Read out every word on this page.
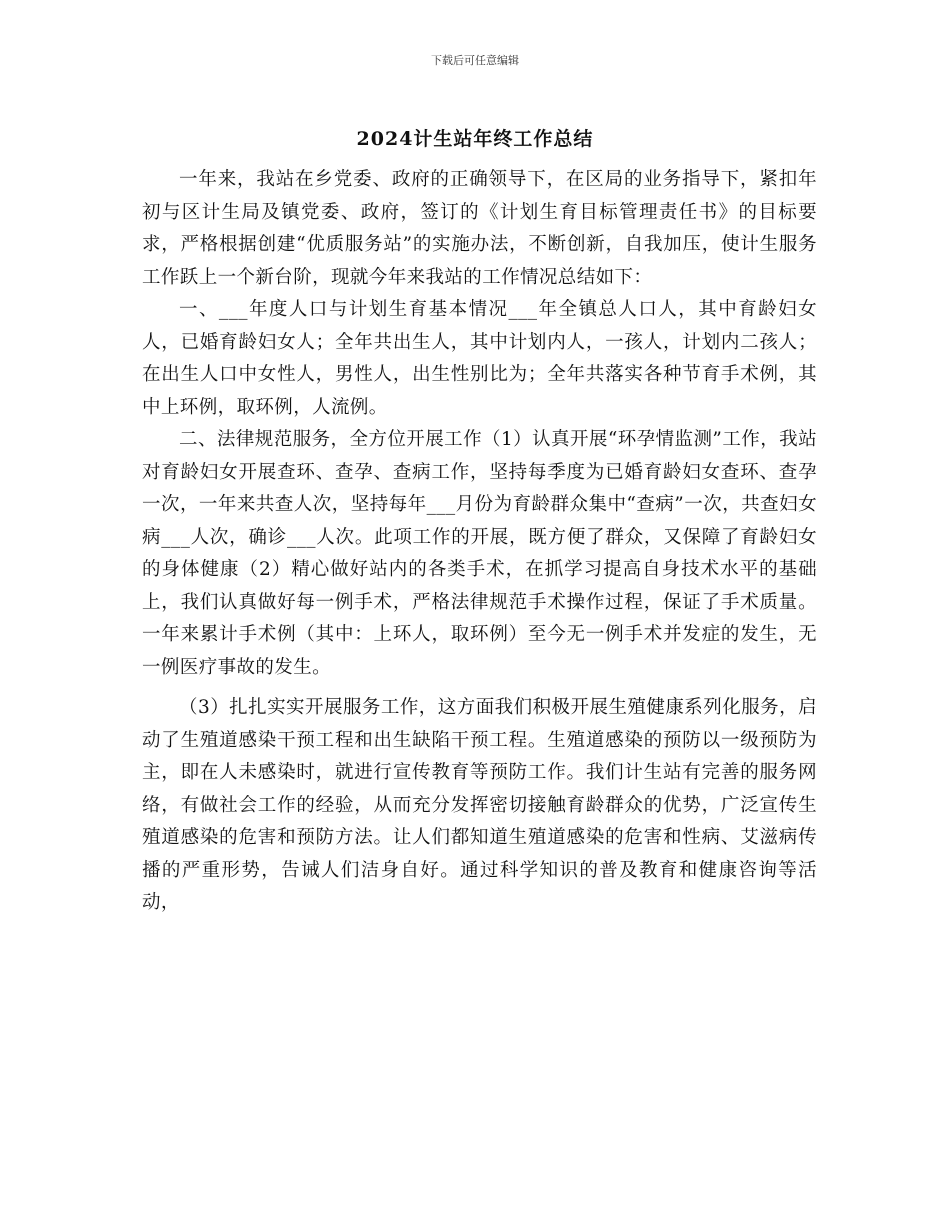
下载后可任意编辑
2024计生站年终工作总结

一年来，我站在乡党委、政府的正确领导下，在区局的业务指导下，紧扣年初与区计生局及镇党委、政府，签订的《计划生育目标管理责任书》的目标要求，严格根据创建“优质服务站”的实施办法，不断创新，自我加压，使计生服务工作跃上一个新台阶，现就今年来我站的工作情况总结如下：

一、___年度人口与计划生育基本情况___年全镇总人口人，其中育龄妇女人，已婚育龄妇女人；全年共出生人，其中计划内人，一孩人，计划内二孩人；在出生人口中女性人，男性人，出生性别比为；全年共落实各种节育手术例，其中上环例，取环例，人流例。

二、法律规范服务，全方位开展工作（1）认真开展“环孕情监测”工作，我站对育龄妇女开展查环、查孕、查病工作，坚持每季度为已婚育龄妇女查环、查孕一次，一年来共查人次，坚持每年___月份为育龄群众集中“查病”一次，共查妇女病___人次，确诊___人次。此项工作的开展，既方便了群众，又保障了育龄妇女的身体健康（2）精心做好站内的各类手术，在抓学习提高自身技术水平的基础上，我们认真做好每一例手术，严格法律规范手术操作过程，保证了手术质量。一年来累计手术例（其中：上环人，取环例）至今无一例手术并发症的发生，无一例医疗事故的发生。

（3）扎扎实实开展服务工作，这方面我们积极开展生殖健康系列化服务，启动了生殖道感染干预工程和出生缺陷干预工程。生殖道感染的预防以一级预防为主，即在人未感染时，就进行宣传教育等预防工作。我们计生站有完善的服务网络，有做社会工作的经验，从而充分发挥密切接触育龄群众的优势，广泛宣传生殖道感染的危害和预防方法。让人们都知道生殖道感染的危害和性病、艾滋病传播的严重形势，告诫人们洁身自好。通过科学知识的普及教育和健康咨询等活动，
